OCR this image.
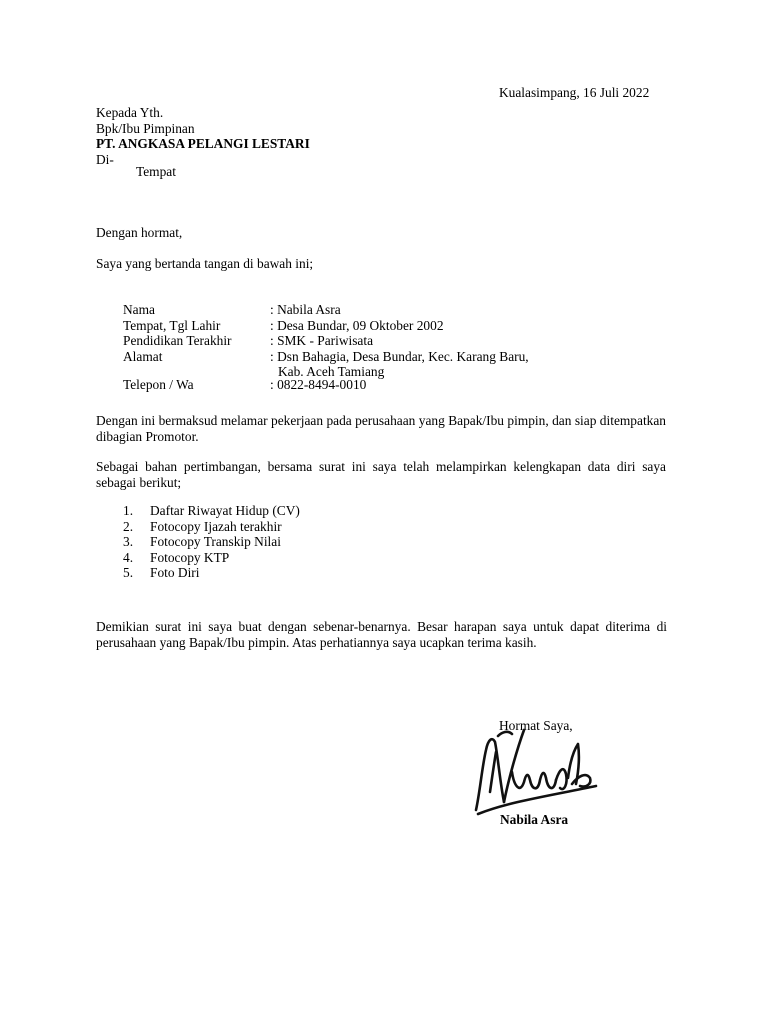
Kualasimpang, 16 Juli 2022
Kepada Yth.
Bpk/Ibu Pimpinan
PT. ANGKASA PELANGI LESTARI
Di-
Tempat
Dengan hormat,
Saya yang bertanda tangan di bawah ini;
Nama	: Nabila Asra
Tempat, Tgl Lahir	: Desa Bundar, 09 Oktober 2002
Pendidikan Terakhir	: SMK - Pariwisata
Alamat	: Dsn Bahagia, Desa Bundar, Kec. Karang Baru,
Kab. Aceh Tamiang
Telepon / Wa	: 0822-8494-0010
Dengan ini bermaksud melamar pekerjaan pada perusahaan yang Bapak/Ibu pimpin, dan siap ditempatkan dibagian Promotor.
Sebagai bahan pertimbangan, bersama surat ini saya telah melampirkan kelengkapan data diri saya sebagai berikut;
1. Daftar Riwayat Hidup (CV)
2. Fotocopy Ijazah terakhir
3. Fotocopy Transkip Nilai
4. Fotocopy KTP
5. Foto Diri
Demikian surat ini saya buat dengan sebenar-benarnya. Besar harapan saya untuk dapat diterima di perusahaan yang Bapak/Ibu pimpin. Atas perhatiannya saya ucapkan terima kasih.
Hormat Saya,
Nabila Asra
